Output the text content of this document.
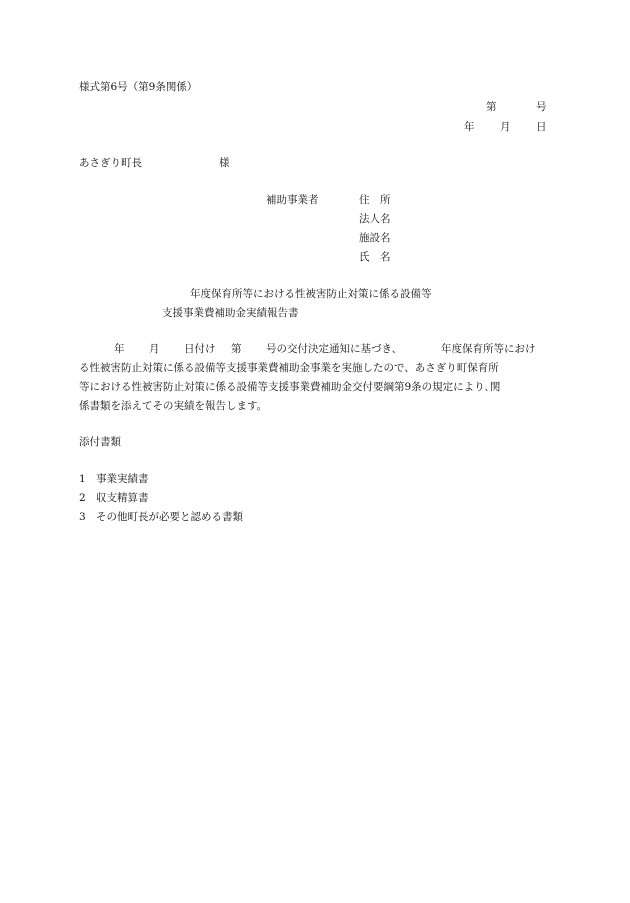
様式第6号（第9条関係）
第	号
年 月 日
あさぎり町長	様
補助事業者	住　所
法人名
施設名
氏　名
年度保育所等における性被害防止対策に係る設備等
支援事業費補助金実績報告書
年 月 日付け 第 号の交付決定通知に基づき、	年度保育所等におけ
る性被害防止対策に係る設備等支援事業費補助金事業を実施したので、あさぎり町保育所
等における性被害防止対策に係る設備等支援事業費補助金交付要綱第9条の規定により､関
係書類を添えてその実績を報告します。
添付書類
1 事業実績書
2 収支精算書
3 その他町長が必要と認める書類
